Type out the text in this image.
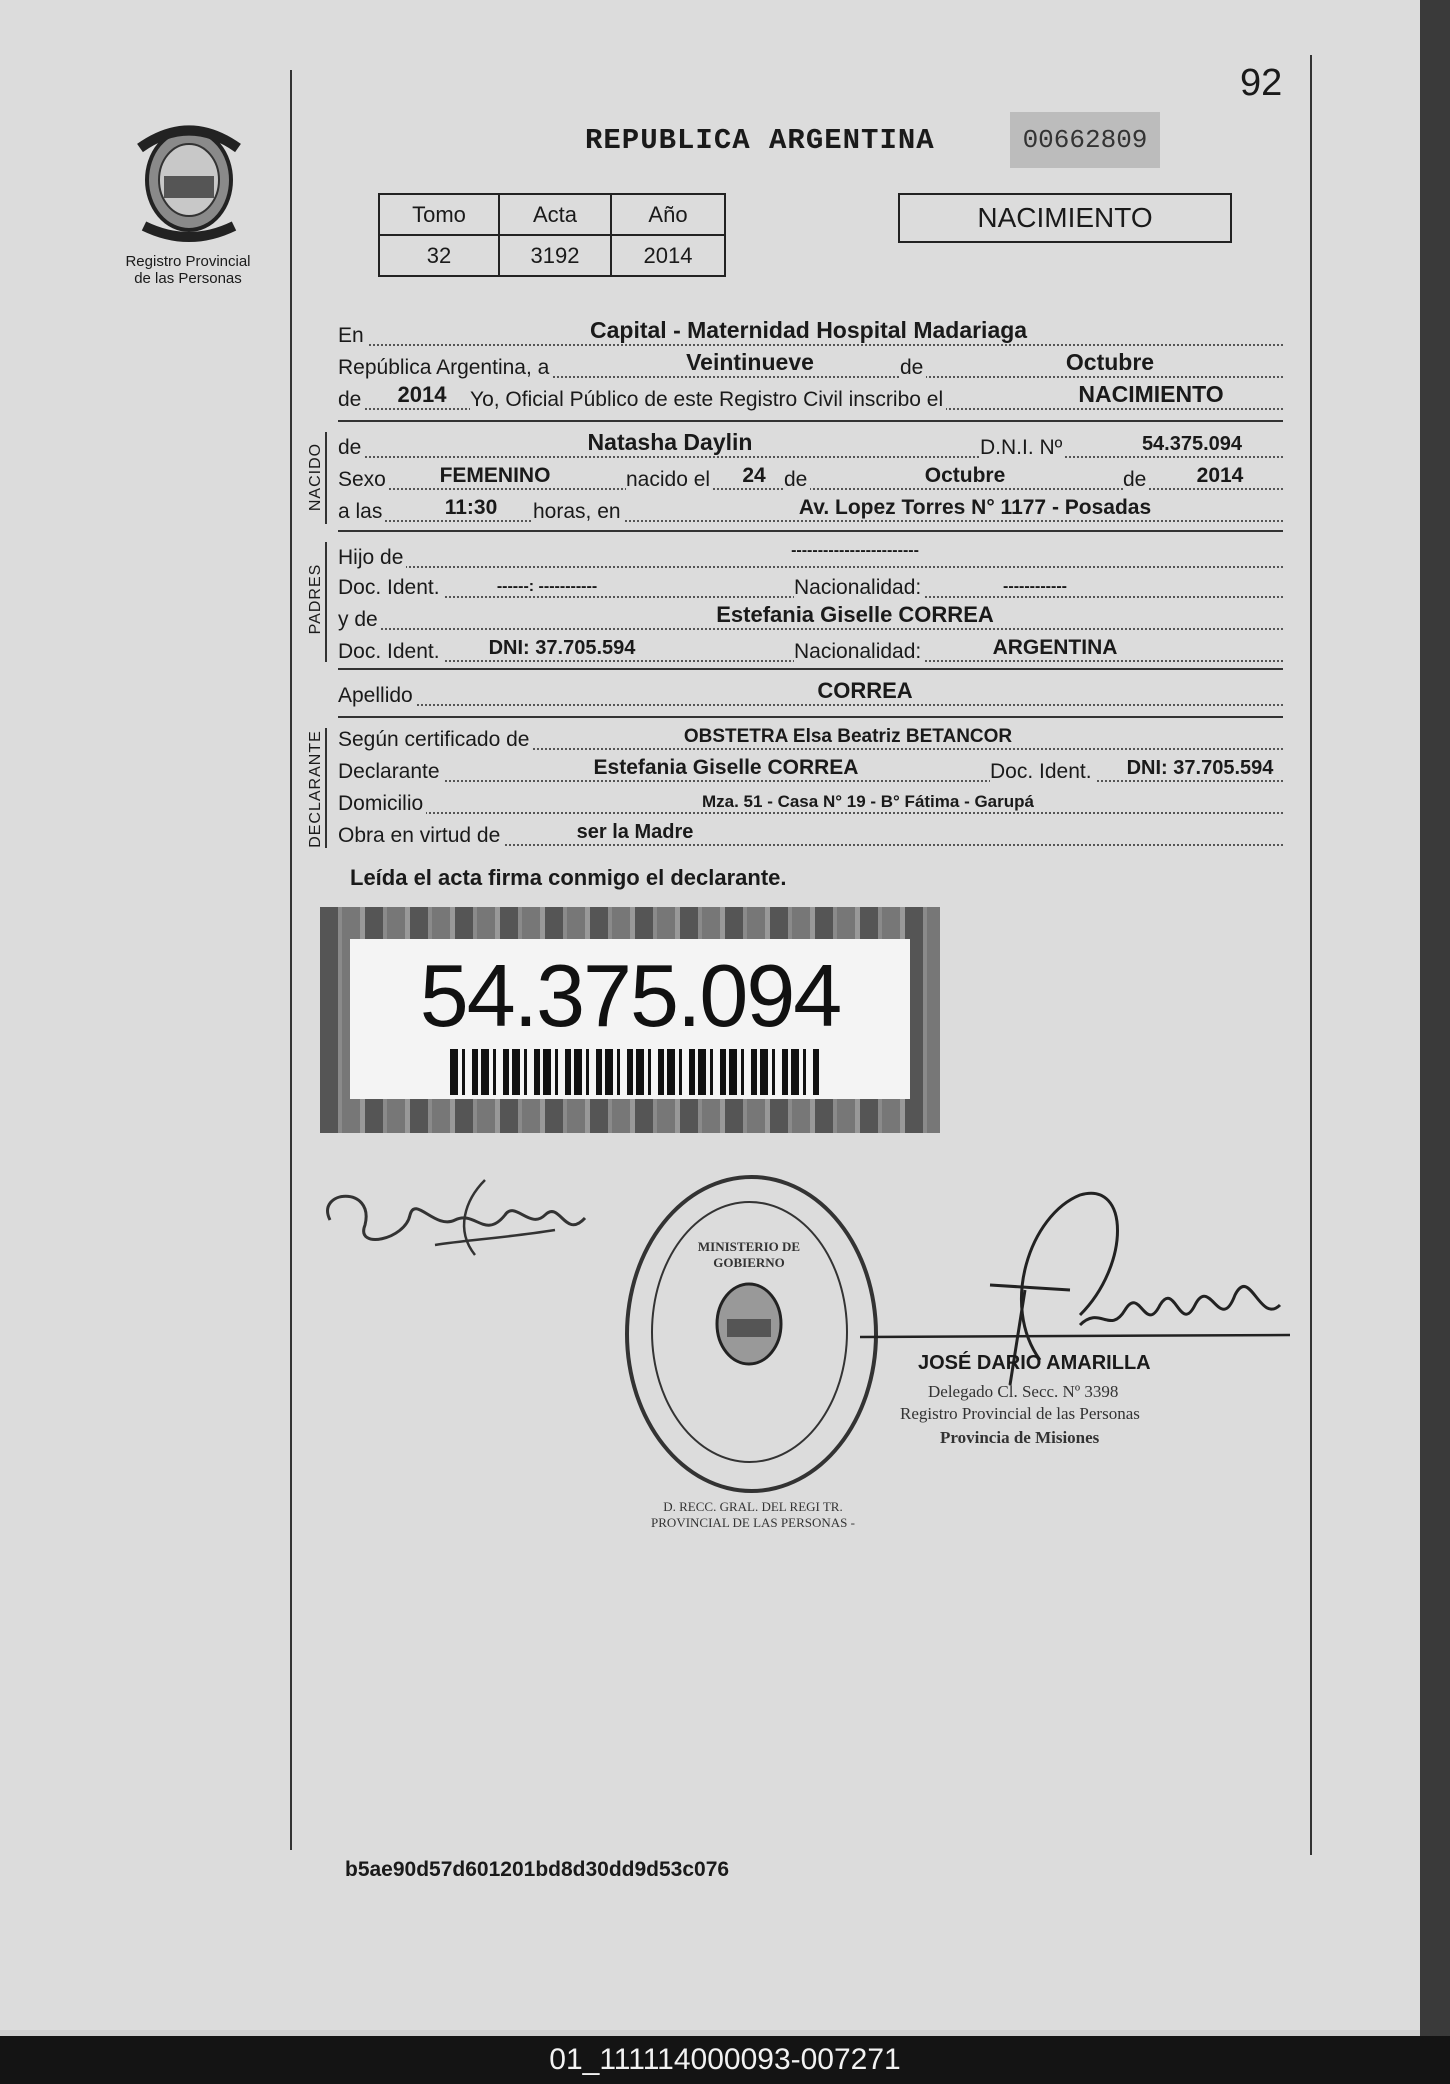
92
Registro Provincial
de las Personas
REPUBLICA ARGENTINA	00662809
Tomo	Acta	Año
32	3192	2014
NACIMIENTO
En	Capital - Maternidad Hospital Madariaga
República Argentina, a	Veintinueve	de	Octubre
de	2014	Yo, Oficial Público de este Registro Civil inscribo el	NACIMIENTO
NACIDO de	Natasha Daylin	D.N.I. Nº	54.375.094
Sexo	FEMENINO	nacido el	24 de	Octubre	de	2014
a las	11:30	horas, en	Av. Lopez Torres N° 1177 - Posadas
PADRES
Hijo de	------------------------
Doc. Ident.	------: -----------	Nacionalidad:	------------
y de	Estefania Giselle CORREA
Doc. Ident.	DNI: 37.705.594	Nacionalidad:	ARGENTINA
Apellido	CORREA
DECLARANTE Según certificado de	OBSTETRA Elsa Beatriz BETANCOR
Declarante	Estefania Giselle CORREA	Doc. Ident.	DNI: 37.705.594
Domicilio	Mza. 51 - Casa N° 19 - B° Fátima - Garupá
Obra en virtud de	ser la Madre
Leída el acta firma conmigo el declarante.
54.375.094
D. RECC. GRAL. DEL REGI TR. PROVINCIAL DE LAS PERSONAS -
MINISTERIO DE GOBIERNO
JOSÉ DARIO AMARILLA
Delegado Cl. Secc. Nº 3398
Registro Provincial de las Personas
Provincia de Misiones
b5ae90d57d601201bd8d30dd9d53c076
01_111114000093-007271
